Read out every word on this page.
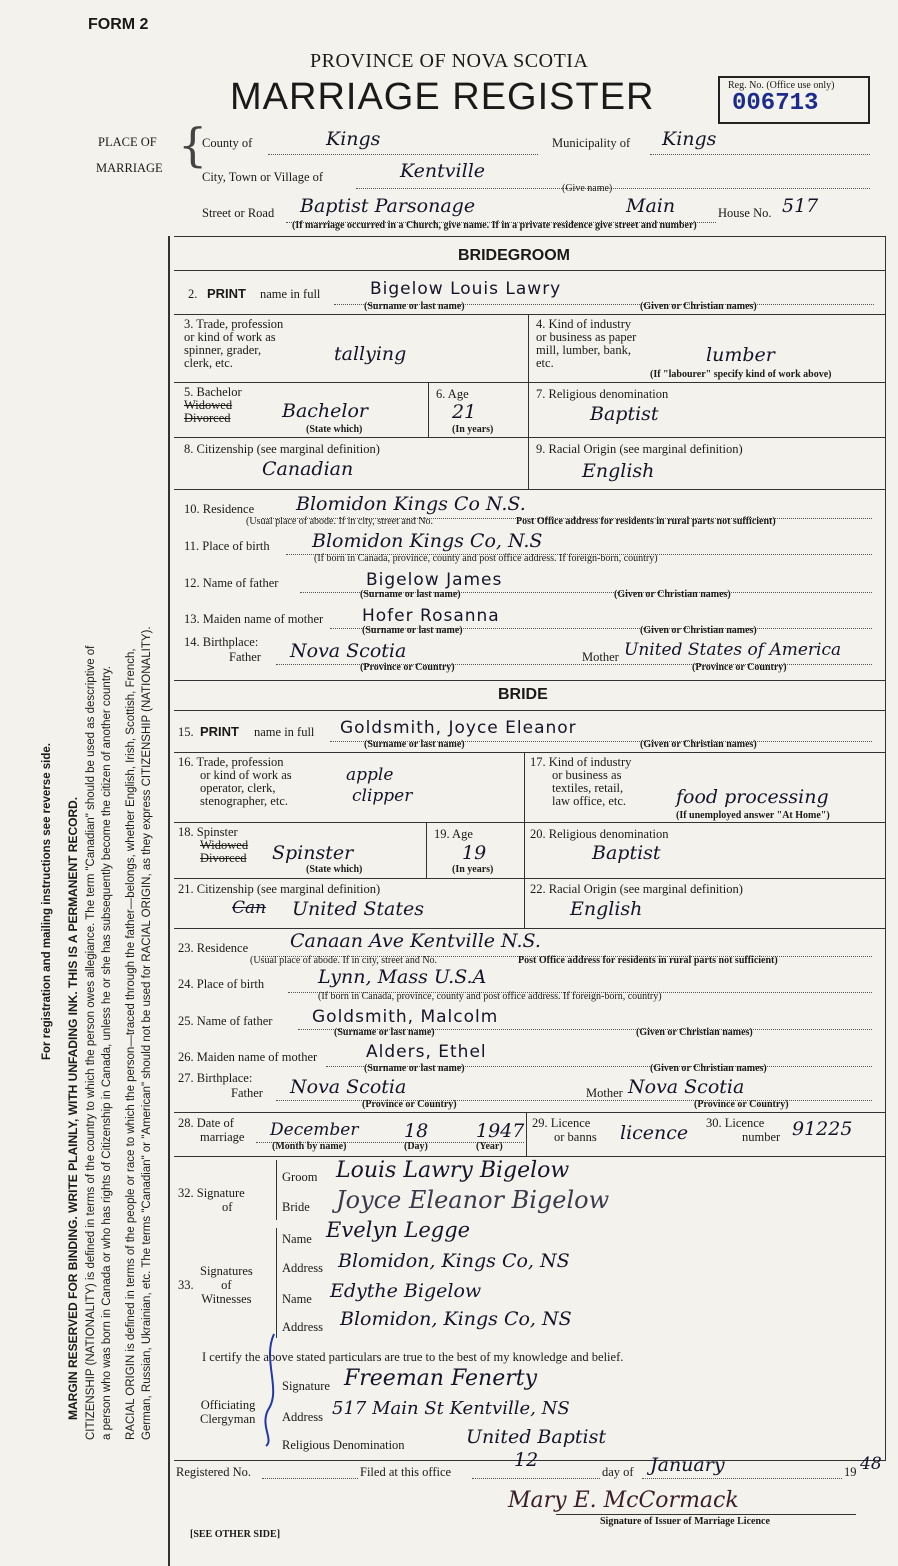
FORM 2
PROVINCE OF NOVA SCOTIA
MARRIAGE REGISTER	Reg. No. (Office use only)
006713
For registration and mailing instructions see reverse side. MARGIN RESERVED FOR BINDING. WRITE PLAINLY, WITH UNFADING INK. THIS IS A PERMANENT RECORD. CITIZENSHIP (NATIONALITY) is defined in terms of the country to which the person owes allegiance. The term "Canadian" should be used as descriptive of a person who was born in Canada or who has rights of Citizenship in Canada, unless he or she has subsequently become the citizen of another country. RACIAL ORIGIN is defined in terms of the people or race to which the person—traced through the father—belongs, whether English, Irish, Scottish, French, German, Russian, Ukrainian, etc. The terms "Canadian" or "American" should not be used for RACIAL ORIGIN, as they express CITIZENSHIP (NATIONALITY).
PLACE OF
MARRIAGE {
County of	Kings	Municipality of Kings
City, Town or Village of	Kentville
(Give name)
Street or Road Baptist Parsonage	Main	House No. 517
(If marriage occurred in a Church, give name. If in a private residence give street and number)
BRIDEGROOM
2. PRINT name in full	Bigelow Louis Lawry
(Surname or last name)	(Given or Christian names)
3. Trade, profession
or kind of work as
spinner, grader,
clerk, etc.	tallying
4. Kind of industry
or business as paper
mill, lumber, bank,
etc.	lumber
(If "labourer" specify kind of work above)
5. Bachelor
Widowed
Divorced	Bachelor
(State which)
6. Age
21
(In years)
7. Religious denomination
Baptist
8. Citizenship (see marginal definition)
Canadian
9. Racial Origin (see marginal definition)
English
10. Residence Blomidon Kings Co N.S.
(Usual place of abode. If in city, street and No.	Post Office address for residents in rural parts not sufficient)
11. Place of birth Blomidon Kings Co, N.S
(If born in Canada, province, county and post office address. If foreign-born, country)
12. Name of father	Bigelow James
(Surname or last name)	(Given or Christian names)
13. Maiden name of mother Hofer Rosanna
(Surname or last name)	(Given or Christian names)
14. Birthplace:
Father Nova Scotia	Mother United States of America
(Province or Country)	(Province or Country)
BRIDE
15. PRINT name in full Goldsmith, Joyce Eleanor
(Surname or last name)	(Given or Christian names)
16. Trade, profession
or kind of work as
operator, clerk,
stenographer, etc.
apple
clipper
17. Kind of industry
or business as
textiles, retail,
law office, etc.	food processing
(If unemployed answer "At Home")
18. Spinster
Widowed
Divorced Spinster
(State which)
19. Age
19
(In years)
20. Religious denomination
Baptist
21. Citizenship (see marginal definition)
Can United States
22. Racial Origin (see marginal definition)
English
23. Residence Canaan Ave Kentville N.S.
(Usual place of abode. If in city, street and No.	Post Office address for residents in rural parts not sufficient)
24. Place of birth	Lynn, Mass U.S.A
(If born in Canada, province, county and post office address. If foreign-born, country)
25. Name of father Goldsmith, Malcolm
(Surname or last name)	(Given or Christian names)
26. Maiden name of mother	Alders, Ethel
(Surname or last name)	(Given or Christian names)
27. Birthplace:
Father Nova Scotia	Mother Nova Scotia
(Province or Country)	(Province or Country)
28. Date of
marriage December 18	1947
(Month by name)	(Day)	(Year)
29. Licence
or banns licence 30. Licence
number 91225
32. Signature
of
Groom Louis Lawry Bigelow
Bride Joyce Eleanor Bigelow
33.
Signatures
of
Witnesses
Name Evelyn Legge
Address Blomidon, Kings Co, NS
Name Edythe Bigelow
Address Blomidon, Kings Co, NS
I certify the above stated particulars are true to the best of my knowledge and belief.
Officiating
Clergyman
Signature Freeman Fenerty
Address 517 Main St Kentville, NS
Religious Denomination	United Baptist
Registered No.	Filed at this office
12
day of January	19 48
Mary E. McCormack
Signature of Issuer of Marriage Licence
[SEE OTHER SIDE]
